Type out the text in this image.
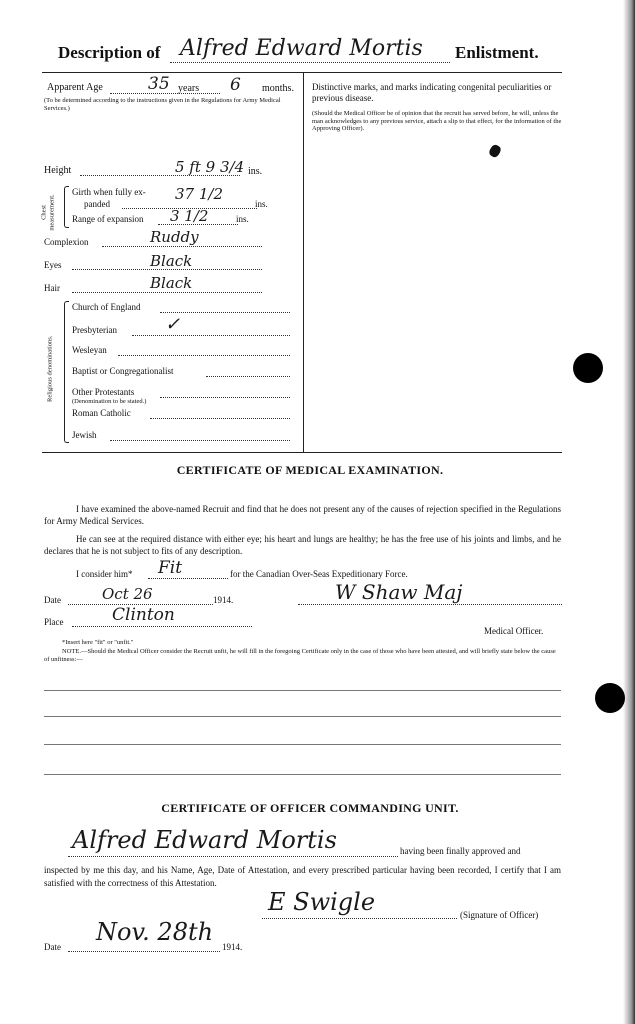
Description of Alfred Edward Mortis Enlistment.
Apparent Age	35 years 6 months.
(To be determined according to the instructions given in the Regulations for Army Medical Services.)
Distinctive marks, and marks indicating congenital peculiarities or previous disease.
(Should the Medical Officer be of opinion that the recruit has served before, he will, unless the man acknowledges to any previous service, attach a slip to that effect, for the information of the Approving Officer).
Height	5 ft 9 3/4 ins.
Chest measurement.
Girth when fully ex-
panded
37 1/2
ins.
Range of expansion 3 1/2	ins.
Complexion	Ruddy
Eyes	Black
Hair	Black
Religious denominations.
Church of England
Presbyterian	✓
Wesleyan
Baptist or Congregationalist
Other Protestants
(Denomination to be stated.)
Roman Catholic
Jewish
CERTIFICATE OF MEDICAL EXAMINATION.
I have examined the above-named Recruit and find that he does not present any of the causes of rejection specified in the Regulations for Army Medical Services.
He can see at the required distance with either eye; his heart and lungs are healthy; he has the free use of his joints and limbs, and he declares that he is not subject to fits of any description.
I consider him* Fit	for the Canadian Over-Seas Expeditionary Force.
Date	Oct 26	1914.	W Shaw Maj
Place	Clinton
Medical Officer.
*Insert here "fit" or "unfit."
NOTE.—Should the Medical Officer consider the Recruit unfit, he will fill in the foregoing Certificate only in the case of those who have been attested, and will briefly state below the cause of unfitness:—
CERTIFICATE OF OFFICER COMMANDING UNIT.
Alfred Edward Mortis	having been finally approved and
inspected by me this day, and his Name, Age, Date of Attestation, and every prescribed particular having been recorded, I certify that I am satisfied with the correctness of this Attestation.
E Swigle	(Signature of Officer)
Date
Nov. 28th
1914.
